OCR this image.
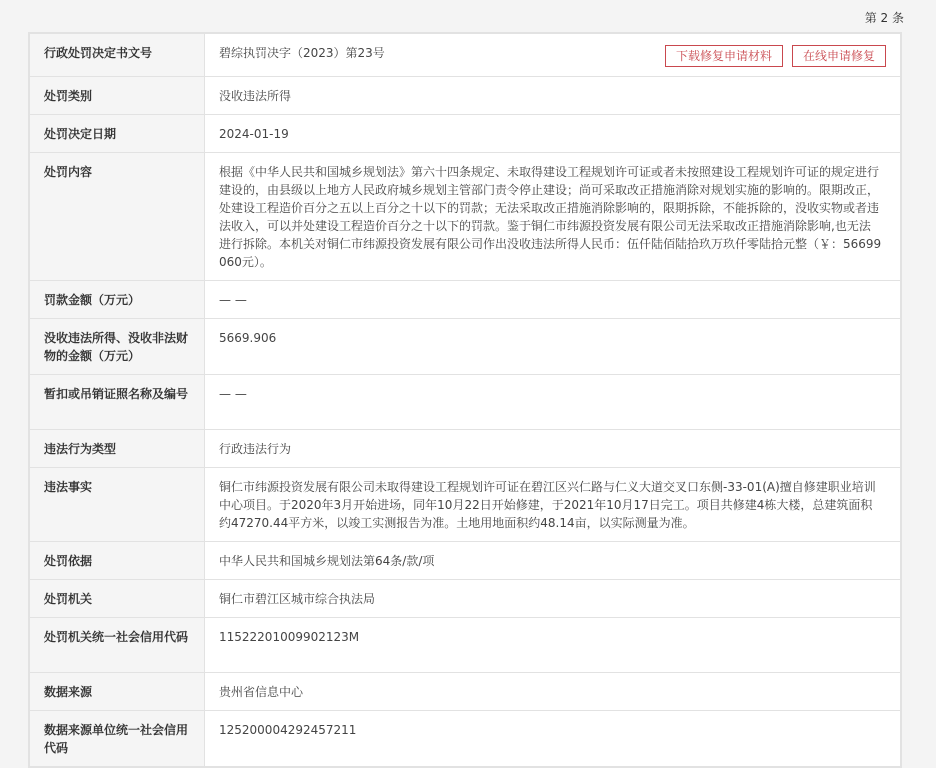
第 2 条
行政处罚决定书文号	碧综执罚决字（2023）第23号 下载修复申请材料 在线申请修复

处罚类别	没收违法所得
处罚决定日期	2024-01-19
处罚内容	根据《中华人民共和国城乡规划法》第六十四条规定、未取得建设工程规划许可证或者未按照建设工程规划许可证的规定进行建设的，由县级以上地方人民政府城乡规划主管部门责令停止建设；尚可采取改正措施消除对规划实施的影响的。限期改正，处建设工程造价百分之五以上百分之十以下的罚款；无法采取改正措施消除影响的，限期拆除，不能拆除的，没收实物或者违法收入，可以并处建设工程造价百分之十以下的罚款。鉴于铜仁市纬源投资发展有限公司无法采取改正措施消除影响,也无法进行拆除。本机关对铜仁市纬源投资发展有限公司作出没收违法所得人民币：伍仟陆佰陆拾玖万玖仟零陆拾元整（￥：56699060元）。
罚款金额（万元）	— —
没收违法所得、没收非法财物的金额（万元）	5669.906
暂扣或吊销证照名称及编号	— —
违法行为类型	行政违法行为
违法事实	铜仁市纬源投资发展有限公司未取得建设工程规划许可证在碧江区兴仁路与仁义大道交叉口东侧-33-01(A)擅自修建职业培训中心项目。于2020年3月开始进场，同年10月22日开始修建，于2021年10月17日完工。项目共修建4栋大楼，总建筑面积约47270.44平方米，以竣工实测报告为准。土地用地面积约48.14亩，以实际测量为准。
处罚依据	中华人民共和国城乡规划法第64条/款/项
处罚机关	铜仁市碧江区城市综合执法局
处罚机关统一社会信用代码	11522201009902123M
数据来源	贵州省信息中心
数据来源单位统一社会信用代码	125200004292457211
